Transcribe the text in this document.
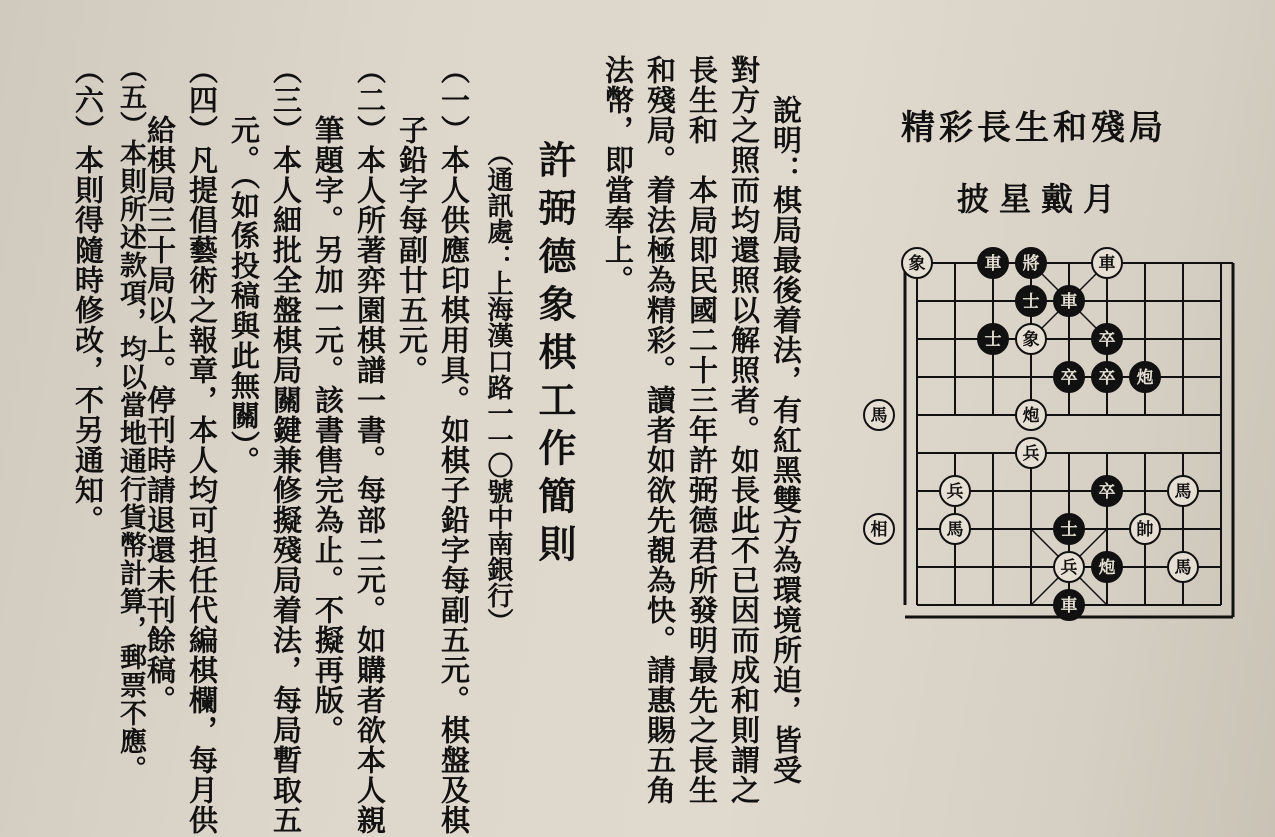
精彩長生和殘局
披星戴月
象	車 將	車
士 車
士 象	卒
卒 卒 炮
馬	炮
兵
兵	卒	馬
相	馬	士	帥
兵 炮	馬
車
說明：棋局最後着法，有紅黑雙方為環境所迫，皆受
對方之照而均還照以解照者。如長此不已因而成和則謂之
長生和　本局即民國二十三年許弼德君所發明最先之長生
和殘局。着法極為精彩。讀者如欲先覩為快。請惠賜五角
法幣，即當奉上。
許弼德象棋工作簡則
（通訊處：上海漢口路一一〇號中南銀行）
（一）本人供應印棋用具。如棋子鉛字每副五元。棋盤及棋
　　子鉛字每副廿五元。
（二）本人所著弈園棋譜一書。每部二元。如購者欲本人親
　　筆題字。另加一元。該書售完為止。不擬再版。
（三）本人細批全盤棋局關鍵兼修擬殘局着法，每局暫取五
　　元。（如係投稿與此無關）。
（四）凡提倡藝術之報章，本人均可担任代編棋欄，每月供
　　給棋局三十局以上。停刊時請退還未刊餘稿。
（五）本則所述款項，均以當地通行貨幣計算，郵票不應。
（六）本則得隨時修改，不另通知。
